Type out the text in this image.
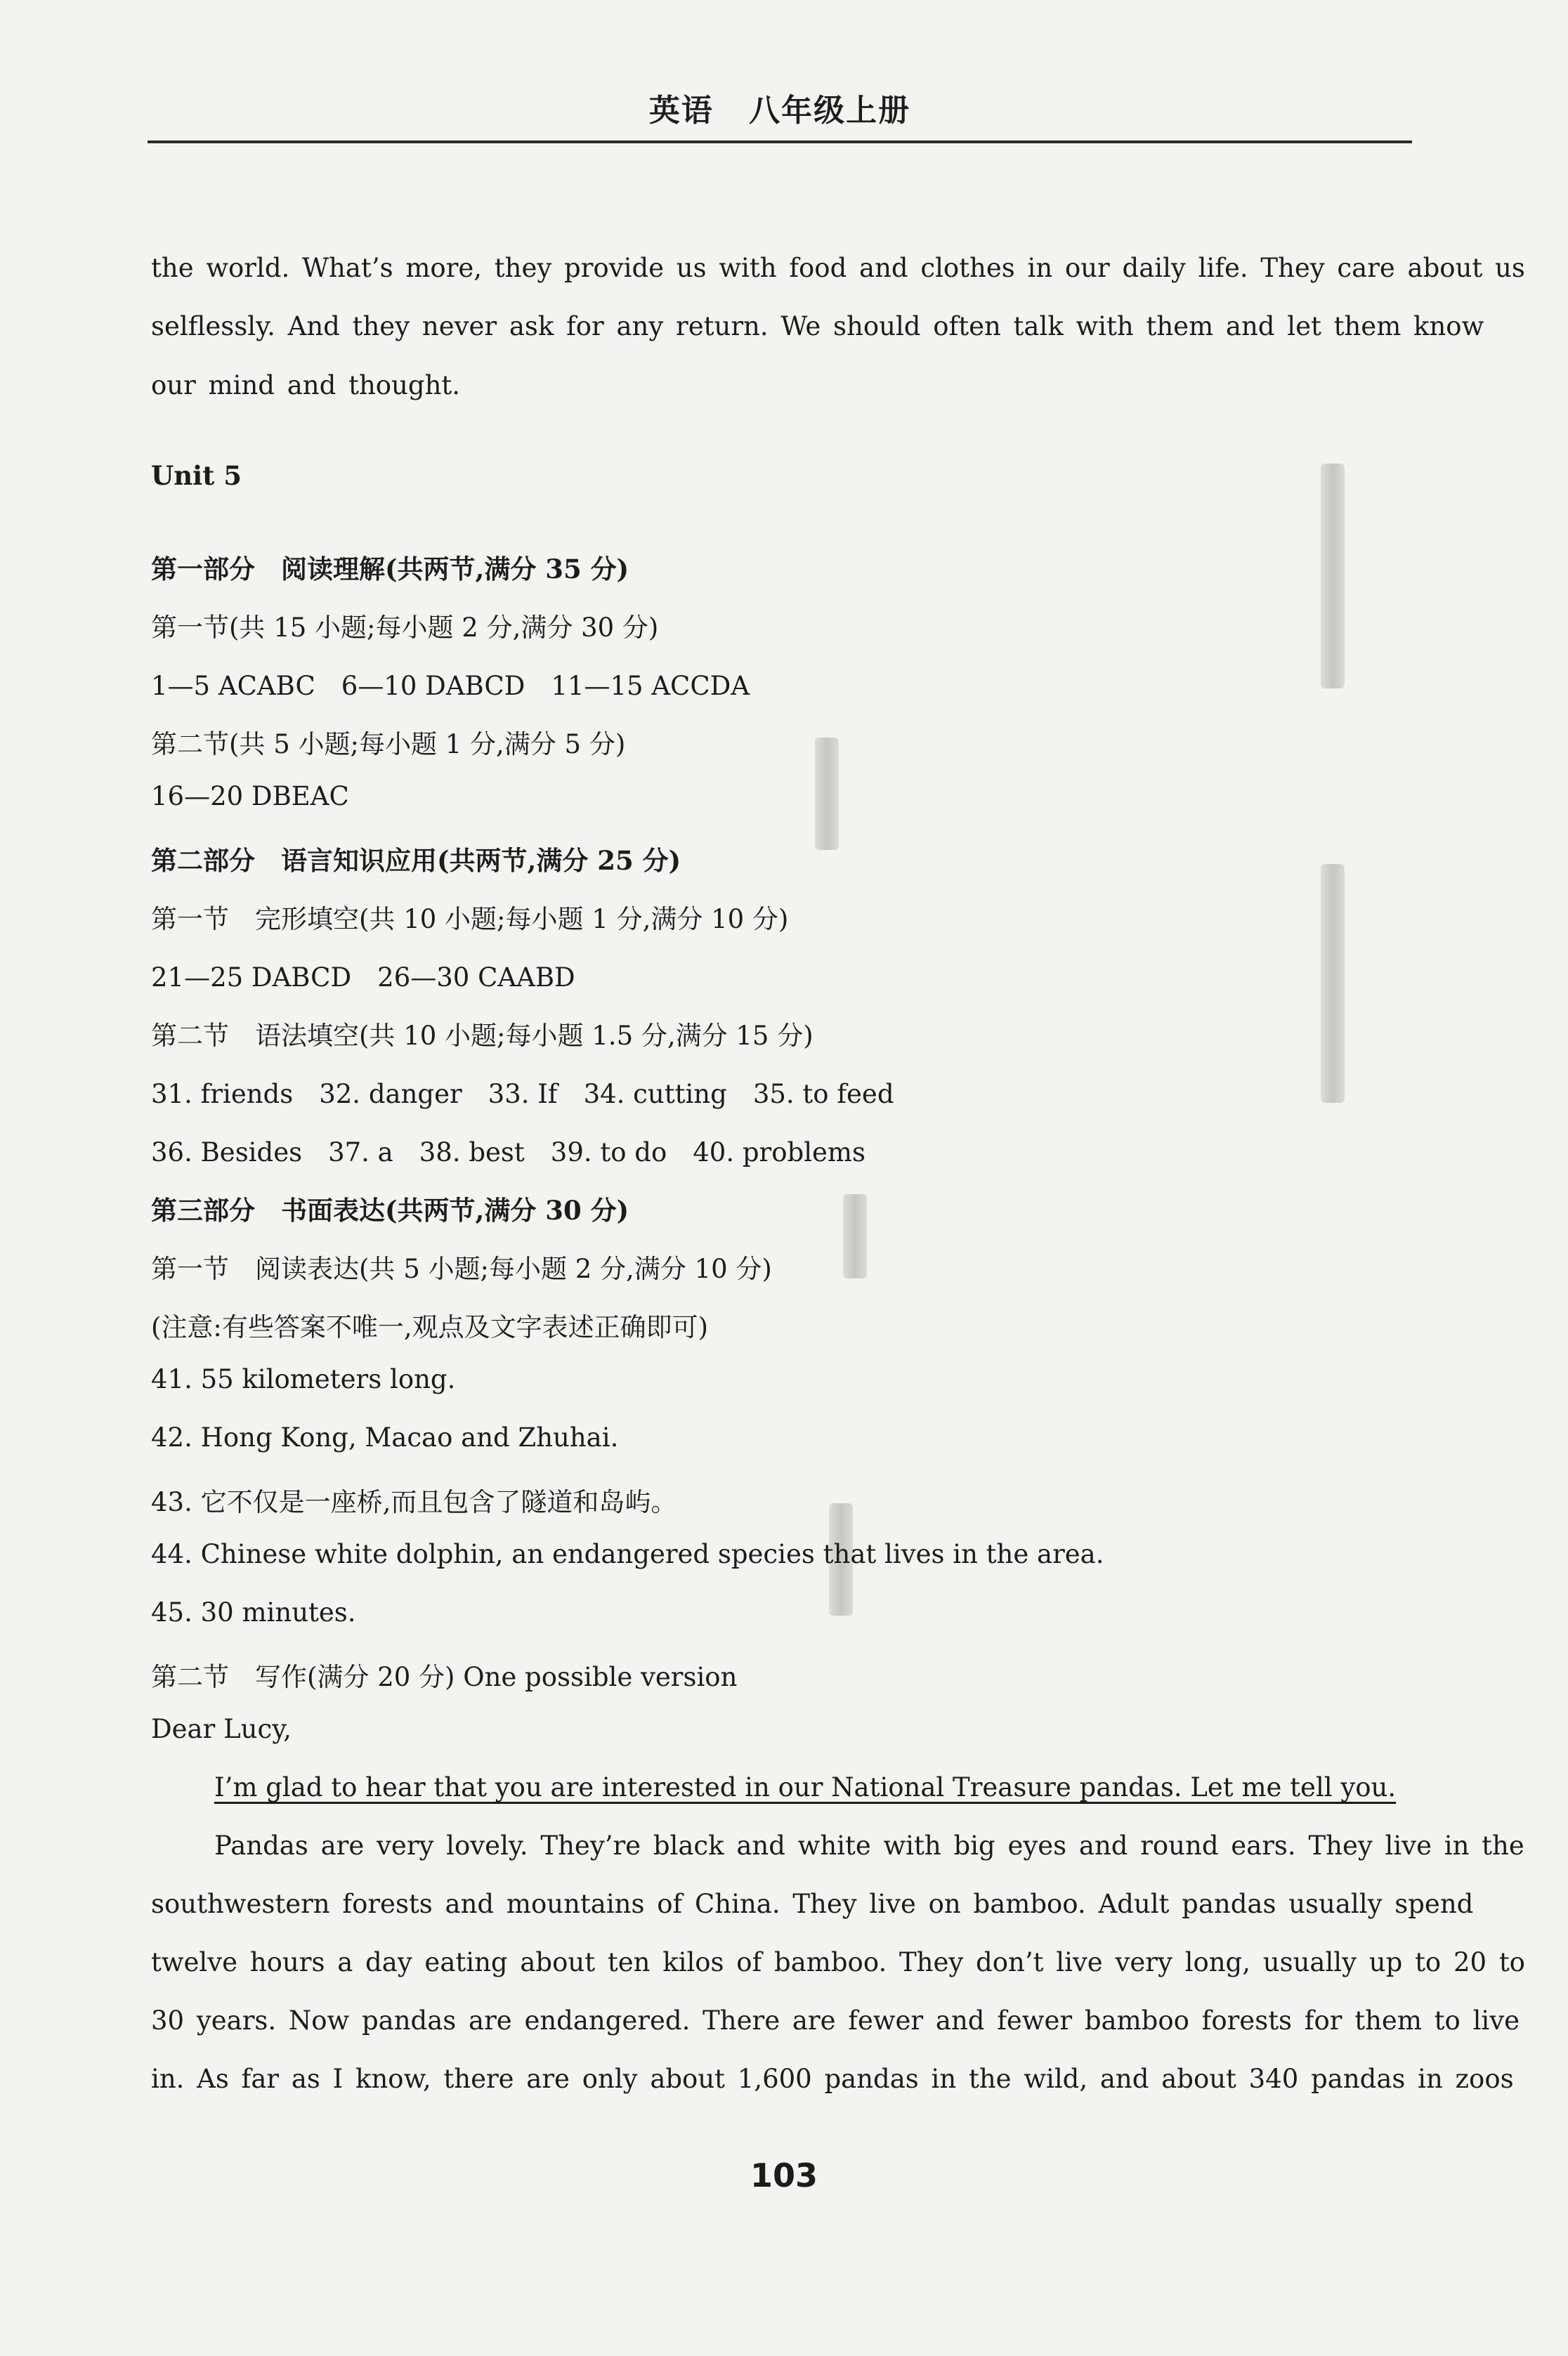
英语 八年级上册
the world. What’s more, they provide us with food and clothes in our daily life. They care about us
selflessly. And they never ask for any return. We should often talk with them and let them know
our mind and thought.
Unit 5
第一部分　阅读理解(共两节,满分 35 分)
第一节(共 15 小题;每小题 2 分,满分 30 分)
1—5 ACABC　6—10 DABCD　11—15 ACCDA
第二节(共 5 小题;每小题 1 分,满分 5 分)
16—20 DBEAC
第二部分　语言知识应用(共两节,满分 25 分)
第一节　完形填空(共 10 小题;每小题 1 分,满分 10 分)
21—25 DABCD　26—30 CAABD
第二节　语法填空(共 10 小题;每小题 1.5 分,满分 15 分)
31. friends　32. danger　33. If　34. cutting　35. to feed
36. Besides　37. a　38. best　39. to do　40. problems
第三部分　书面表达(共两节,满分 30 分)
第一节　阅读表达(共 5 小题;每小题 2 分,满分 10 分)
(注意:有些答案不唯一,观点及文字表述正确即可)
41. 55 kilometers long.
42. Hong Kong, Macao and Zhuhai.
43. 它不仅是一座桥,而且包含了隧道和岛屿。
44. Chinese white dolphin, an endangered species that lives in the area.
45. 30 minutes.
第二节　写作(满分 20 分) One possible version
Dear Lucy,
I’m glad to hear that you are interested in our National Treasure pandas. Let me tell you.
Pandas are very lovely. They’re black and white with big eyes and round ears. They live in the
southwestern forests and mountains of China. They live on bamboo. Adult pandas usually spend
twelve hours a day eating about ten kilos of bamboo. They don’t live very long, usually up to 20 to
30 years. Now pandas are endangered. There are fewer and fewer bamboo forests for them to live
in. As far as I know, there are only about 1,600 pandas in the wild, and about 340 pandas in zoos
103
